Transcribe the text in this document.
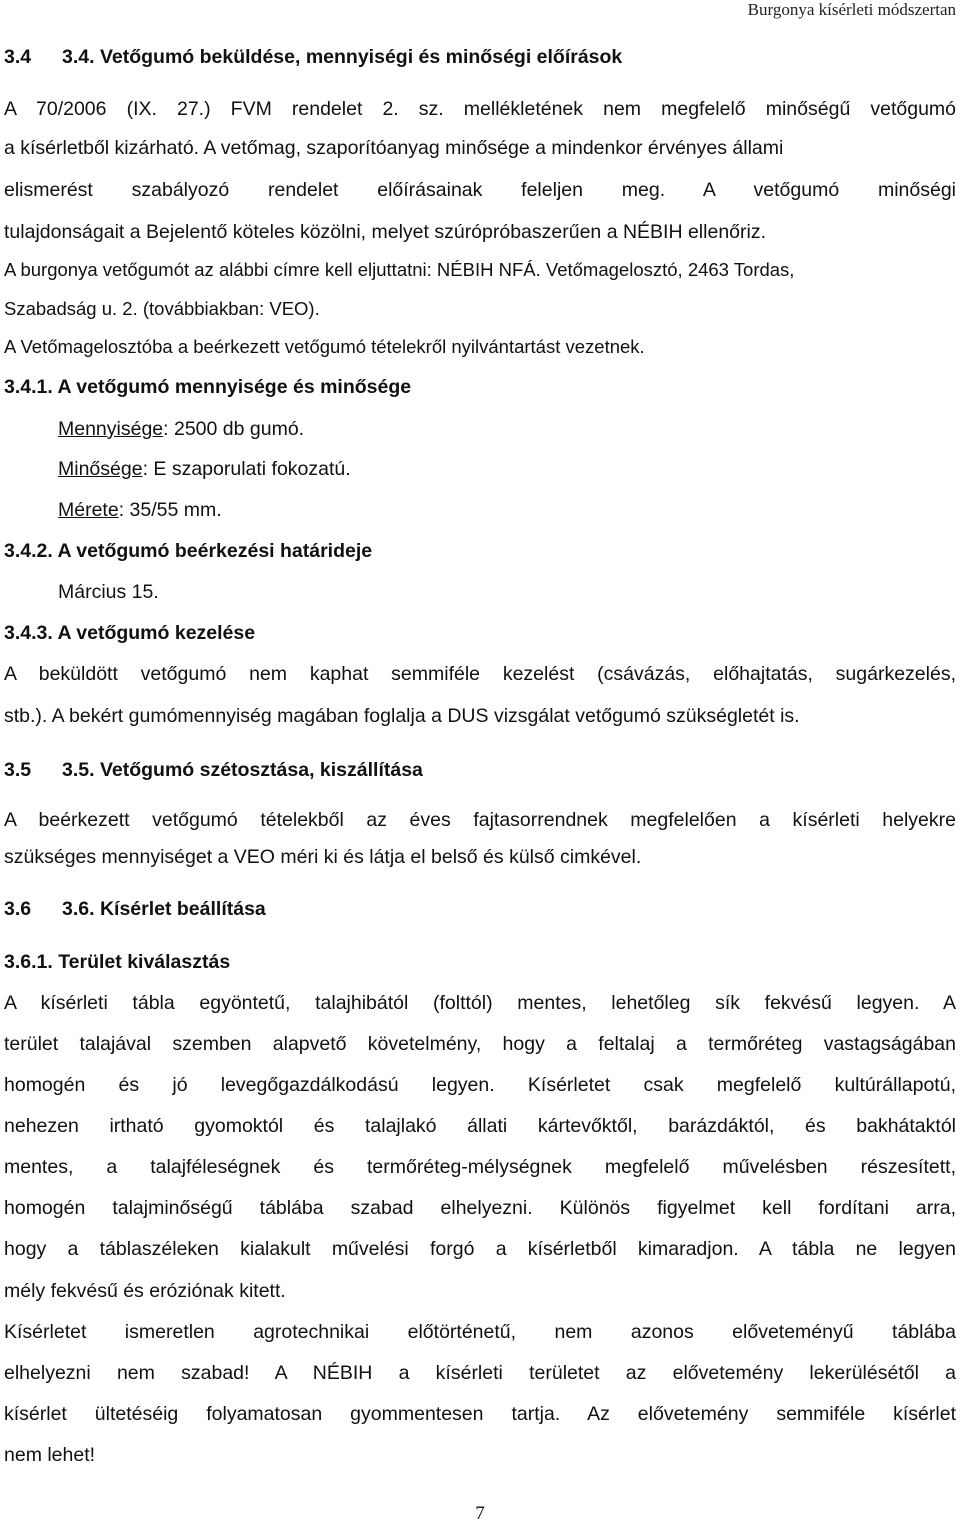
Burgonya kísérleti módszertan
3.4 3.4. Vetőgumó beküldése, mennyiségi és minőségi előírások
A 70/2006 (IX. 27.) FVM rendelet 2. sz. mellékletének nem megfelelő minőségű vetőgumó
a kísérletből kizárható. A vetőmag, szaporítóanyag minősége a mindenkor érvényes állami
elismerést szabályozó rendelet előírásainak feleljen meg. A vetőgumó minőségi
tulajdonságait a Bejelentő köteles közölni, melyet szúrópróbaszerűen a NÉBIH ellenőriz.
A burgonya vetőgumót az alábbi címre kell eljuttatni: NÉBIH NFÁ. Vetőmagelosztó, 2463 Tordas,
Szabadság u. 2. (továbbiakban: VEO).
A Vetőmagelosztóba a beérkezett vetőgumó tételekről nyilvántartást vezetnek.
3.4.1. A vetőgumó mennyisége és minősége
Mennyisége: 2500 db gumó.
Minősége: E szaporulati fokozatú.
Mérete: 35/55 mm.
3.4.2. A vetőgumó beérkezési határideje
Március 15.
3.4.3. A vetőgumó kezelése
A beküldött vetőgumó nem kaphat semmiféle kezelést (csávázás, előhajtatás, sugárkezelés,
stb.). A bekért gumómennyiség magában foglalja a DUS vizsgálat vetőgumó szükségletét is.
3.5 3.5. Vetőgumó szétosztása, kiszállítása
A beérkezett vetőgumó tételekből az éves fajtasorrendnek megfelelően a kísérleti helyekre
szükséges mennyiséget a VEO méri ki és látja el belső és külső cimkével.
3.6 3.6. Kísérlet beállítása
3.6.1. Terület kiválasztás
A kísérleti tábla egyöntetű, talajhibától (folttól) mentes, lehetőleg sík fekvésű legyen. A
terület talajával szemben alapvető követelmény, hogy a feltalaj a termőréteg vastagságában
homogén és jó levegőgazdálkodású legyen. Kísérletet csak megfelelő kultúrállapotú,
nehezen irtható gyomoktól és talajlakó állati kártevőktől, barázdáktól, és bakhátaktól
mentes, a talajféleségnek és termőréteg-mélységnek megfelelő művelésben részesített,
homogén talajminőségű táblába szabad elhelyezni. Különös figyelmet kell fordítani arra,
hogy a táblaszéleken kialakult művelési forgó a kísérletből kimaradjon. A tábla ne legyen
mély fekvésű és eróziónak kitett.
Kísérletet ismeretlen agrotechnikai előtörténetű, nem azonos előveteményű táblába
elhelyezni nem szabad! A NÉBIH a kísérleti területet az elővetemény lekerülésétől a
kísérlet ültetéséig folyamatosan gyommentesen tartja. Az elővetemény semmiféle kísérlet
nem lehet!
7
